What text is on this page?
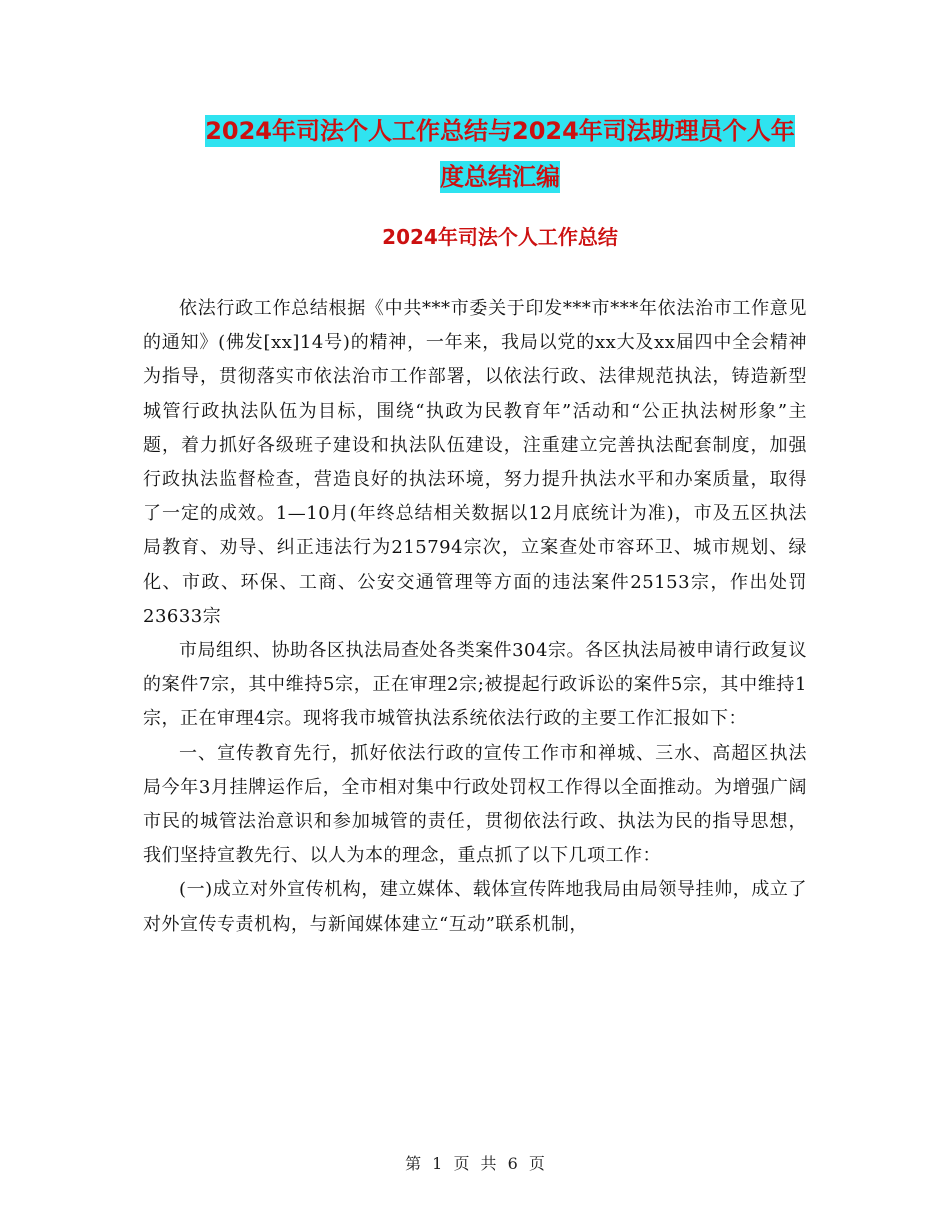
2024年司法个人工作总结与2024年司法助理员个人年
度总结汇编
2024年司法个人工作总结

依法行政工作总结根据《中共***市委关于印发***市***年依法治市工作意见的通知》(佛发[xx]14号)的精神，一年来，我局以党的xx大及xx届四中全会精神为指导，贯彻落实市依法治市工作部署，以依法行政、法律规范执法，铸造新型城管行政执法队伍为目标，围绕“执政为民教育年”活动和“公正执法树形象”主题，着力抓好各级班子建设和执法队伍建设，注重建立完善执法配套制度，加强行政执法监督检查，营造良好的执法环境，努力提升执法水平和办案质量，取得了一定的成效。1—10月(年终总结相关数据以12月底统计为准)，市及五区执法局教育、劝导、纠正违法行为215794宗次，立案查处市容环卫、城市规划、绿化、市政、环保、工商、公安交通管理等方面的违法案件25153宗，作出处罚23633宗

市局组织、协助各区执法局查处各类案件304宗。各区执法局被申请行政复议的案件7宗，其中维持5宗，正在审理2宗;被提起行政诉讼的案件5宗，其中维持1宗，正在审理4宗。现将我市城管执法系统依法行政的主要工作汇报如下：

一、宣传教育先行，抓好依法行政的宣传工作市和禅城、三水、高超区执法局今年3月挂牌运作后，全市相对集中行政处罚权工作得以全面推动。为增强广阔市民的城管法治意识和参加城管的责任，贯彻依法行政、执法为民的指导思想，我们坚持宣教先行、以人为本的理念，重点抓了以下几项工作：

(一)成立对外宣传机构，建立媒体、载体宣传阵地我局由局领导挂帅，成立了对外宣传专责机构，与新闻媒体建立“互动”联系机制，

第 1 页 共 6 页
